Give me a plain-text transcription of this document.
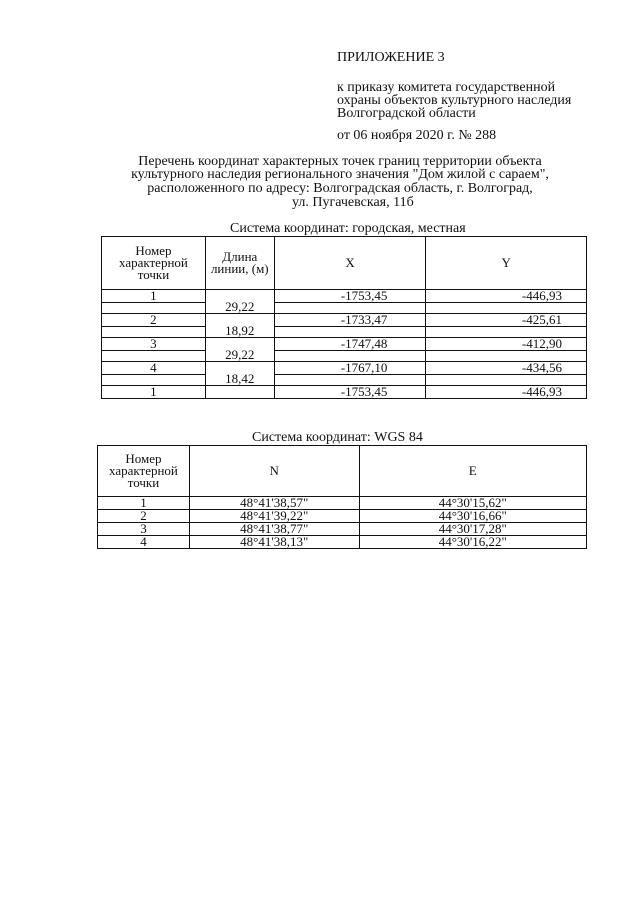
ПРИЛОЖЕНИЕ 3
к приказу комитета государственной
охраны объектов культурного наследия
Волгоградской области
от 06 ноября 2020 г. № 288
Перечень координат характерных точек границ территории объекта
культурного наследия регионального значения "Дом жилой с сараем",
расположенного по адресу: Волгоградская область, г. Волгоград,
ул. Пугачевская, 11б
Система координат: городская, местная
Номер характерной точки	Длина линии, (м)	X	Y
1	29,22	-1753,45	-446,93

2	18,92	-1733,47	-425,61

3	29,22	-1747,48	-412,90

4	18,42	-1767,10	-434,56

1		-1753,45	-446,93
Система координат: WGS 84
Номер характерной точки	N	E
1	48°41'38,57"	44°30'15,62"
2	48°41'39,22"	44°30'16,66"
3	48°41'38,77"	44°30'17,28"
4	48°41'38,13"	44°30'16,22"
